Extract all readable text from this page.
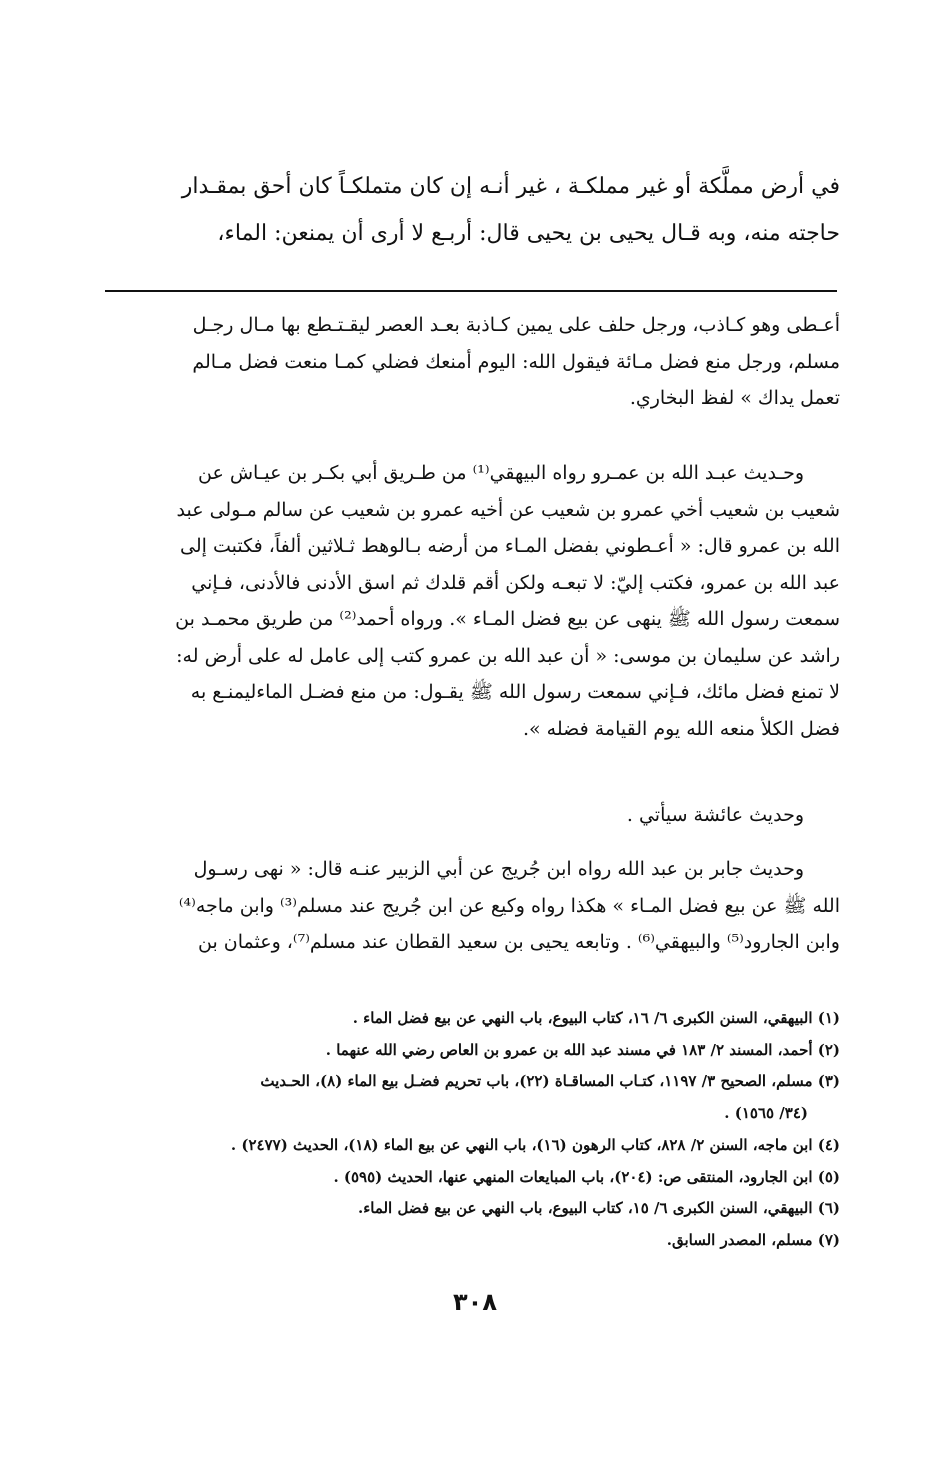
في أرض مملَّكة أو غير مملكـة ، غير أنـه إن كان متملكـاً كان أحق بمقـدار
حاجته منه، وبه قـال يحيى بن يحيى قال: أربـع لا أرى أن يمنعن: الماء،
أعـطى وهو كـاذب، ورجل حلف على يمين كـاذبة بعـد العصر ليقـتـطع بها مـال رجـل
مسلم، ورجل منع فضل مـائة فيقول الله: اليوم أمنعك فضلي كمـا منعت فضل مـالم
تعمل يداك » لفظ البخاري.
وحـديث عبـد الله بن عمـرو رواه البيهقي⁽¹⁾ من طـريق أبي بكـر بن عيـاش عن
شعيب بن شعيب أخي عمرو بن شعيب عن أخيه عمرو بن شعيب عن سالم مـولى عبد
الله بن عمرو قال: « أعـطوني بفضل المـاء من أرضه بـالوهط ثـلاثين ألفاً، فكتبت إلى
عبد الله بن عمرو، فكتب إليّ: لا تبعـه ولكن أقم قلدك ثم اسق الأدنى فالأدنى، فـإني
سمعت رسول الله ﷺ ينهى عن بيع فضل المـاء ». ورواه أحمد⁽²⁾ من طريق محمـد بن
راشد عن سليمان بن موسى: « أن عبد الله بن عمرو كتب إلى عامل له على أرض له:
لا تمنع فضل مائك، فـإني سمعت رسول الله ﷺ يقـول: من منع فضـل الماءليمنـع به
فضل الكلأ منعه الله يوم القيامة فضله ».
وحديث عائشة سيأتي .
وحديث جابر بن عبد الله رواه ابن جُريج عن أبي الزبير عنـه قال: « نهى رسـول
الله ﷺ عن بيع فضل المـاء » هكذا رواه وكيع عن ابن جُريج عند مسلم⁽³⁾ وابن ماجه⁽⁴⁾
وابن الجارود⁽⁵⁾ والبيهقي⁽⁶⁾ . وتابعه يحيى بن سعيد القطان عند مسلم⁽⁷⁾، وعثمان بن
(١) البيهقي، السنن الكبرى ٦/ ١٦، كتاب البيوع، باب النهي عن بيع فضل الماء .
(٢) أحمد، المسند ٢/ ١٨٣ في مسند عبد الله بن عمرو بن العاص رضي الله عنهما .
(٣) مسلم، الصحيح ٣/ ١١٩٧، كتـاب المساقـاة (٢٢)، باب تحريم فضـل بيع الماء (٨)، الحـديث
(٣٤/ ١٥٦٥) .
(٤) ابن ماجه، السنن ٢/ ٨٢٨، كتاب الرهون (١٦)، باب النهي عن بيع الماء (١٨)، الحديث (٢٤٧٧) .
(٥) ابن الجارود، المنتقى ص: (٢٠٤)، باب المبايعات المنهي عنها، الحديث (٥٩٥) .
(٦) البيهقي، السنن الكبرى ٦/ ١٥، كتاب البيوع، باب النهي عن بيع فضل الماء.
(٧) مسلم، المصدر السابق.
٣٠٨
